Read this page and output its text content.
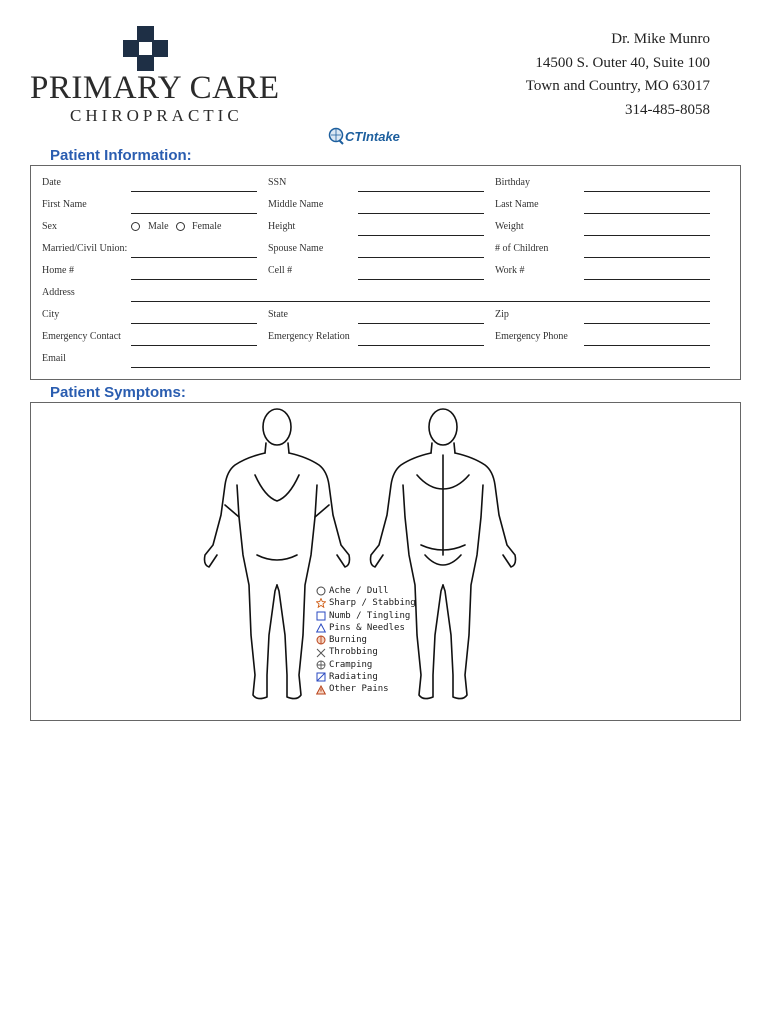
PRIMARY CARE
CHIROPRACTIC
Dr. Mike Munro
14500 S. Outer 40, Suite 100
Town and Country, MO 63017
314-485-8058
CTIntake
Patient Information:
Date	SSN	Birthday
First Name	Middle Name	Last Name
Sex	Male Female	Height	Weight
Married/Civil Union:	Spouse Name	# of Children
Home #	Cell #	Work #
Address
City	State	Zip
Emergency Contact	Emergency Relation	Emergency Phone
Email
Patient Symptoms:
Ache / Dull
Sharp / Stabbing
Numb / Tingling
Pins & Needles
Burning
Throbbing
Cramping
Radiating
Other Pains
